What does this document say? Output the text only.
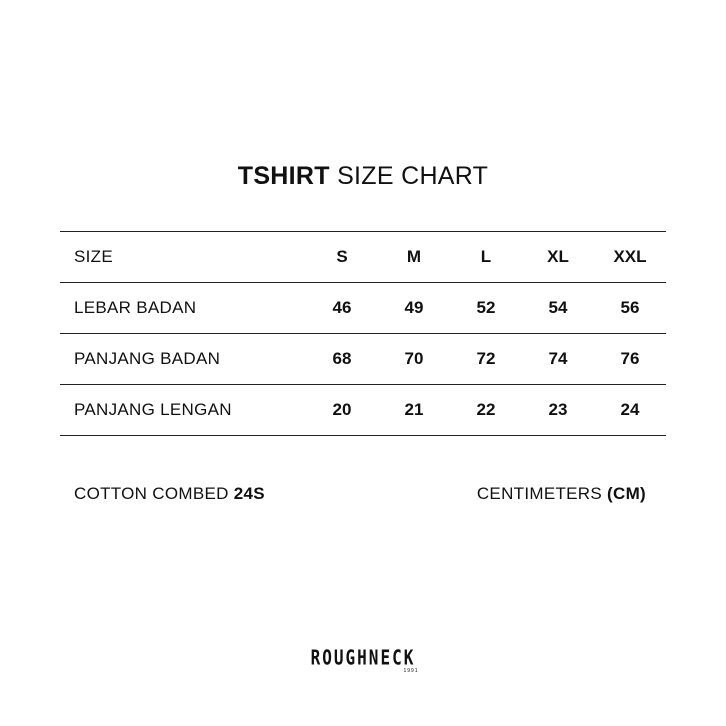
TSHIRT SIZE CHART
SIZE	S	M	L	XL	XXL
LEBAR BADAN	46	49	52	54	56
PANJANG BADAN	68	70	72	74	76
PANJANG LENGAN	20	21	22	23	24
COTTON COMBED 24S	CENTIMETERS (CM)
ROUGHNECK
1991
